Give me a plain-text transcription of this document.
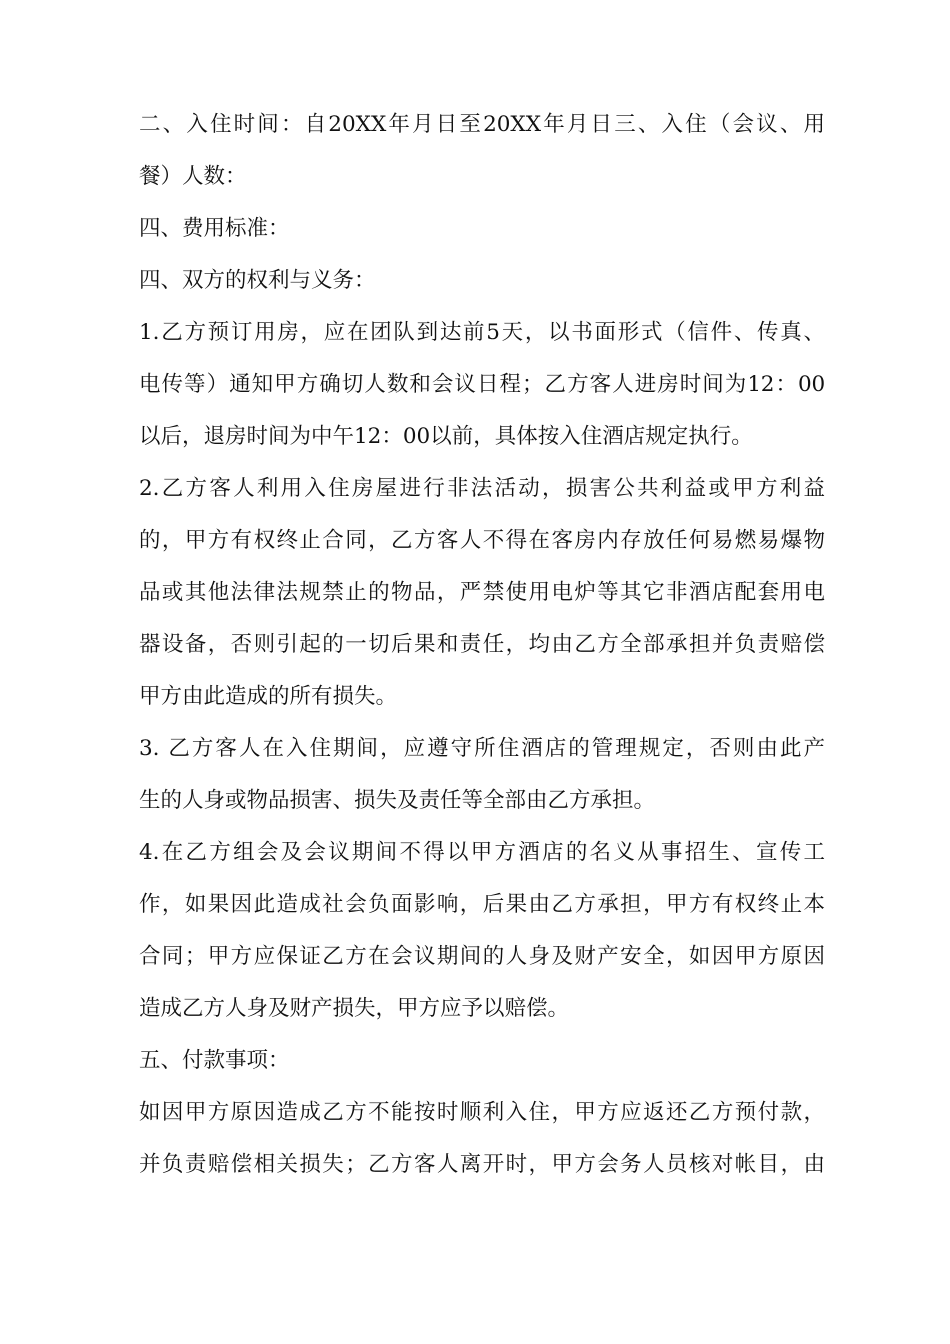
二、入住时间：自20XX年月日至20XX年月日三、入住（会议、用
餐）人数：
四、费用标准：
四、双方的权利与义务：
1.乙方预订用房，应在团队到达前5天，以书面形式（信件、传真、
电传等）通知甲方确切人数和会议日程；乙方客人进房时间为12：00
以后，退房时间为中午12：00以前，具体按入住酒店规定执行。
2.乙方客人利用入住房屋进行非法活动，损害公共利益或甲方利益
的，甲方有权终止合同，乙方客人不得在客房内存放任何易燃易爆物
品或其他法律法规禁止的物品，严禁使用电炉等其它非酒店配套用电
器设备，否则引起的一切后果和责任，均由乙方全部承担并负责赔偿
甲方由此造成的所有损失。
3. 乙方客人在入住期间，应遵守所住酒店的管理规定，否则由此产
生的人身或物品损害、损失及责任等全部由乙方承担。
4.在乙方组会及会议期间不得以甲方酒店的名义从事招生、宣传工
作，如果因此造成社会负面影响，后果由乙方承担，甲方有权终止本
合同；甲方应保证乙方在会议期间的人身及财产安全，如因甲方原因
造成乙方人身及财产损失，甲方应予以赔偿。
五、付款事项：
如因甲方原因造成乙方不能按时顺利入住，甲方应返还乙方预付款，
并负责赔偿相关损失；乙方客人离开时，甲方会务人员核对帐目，由
